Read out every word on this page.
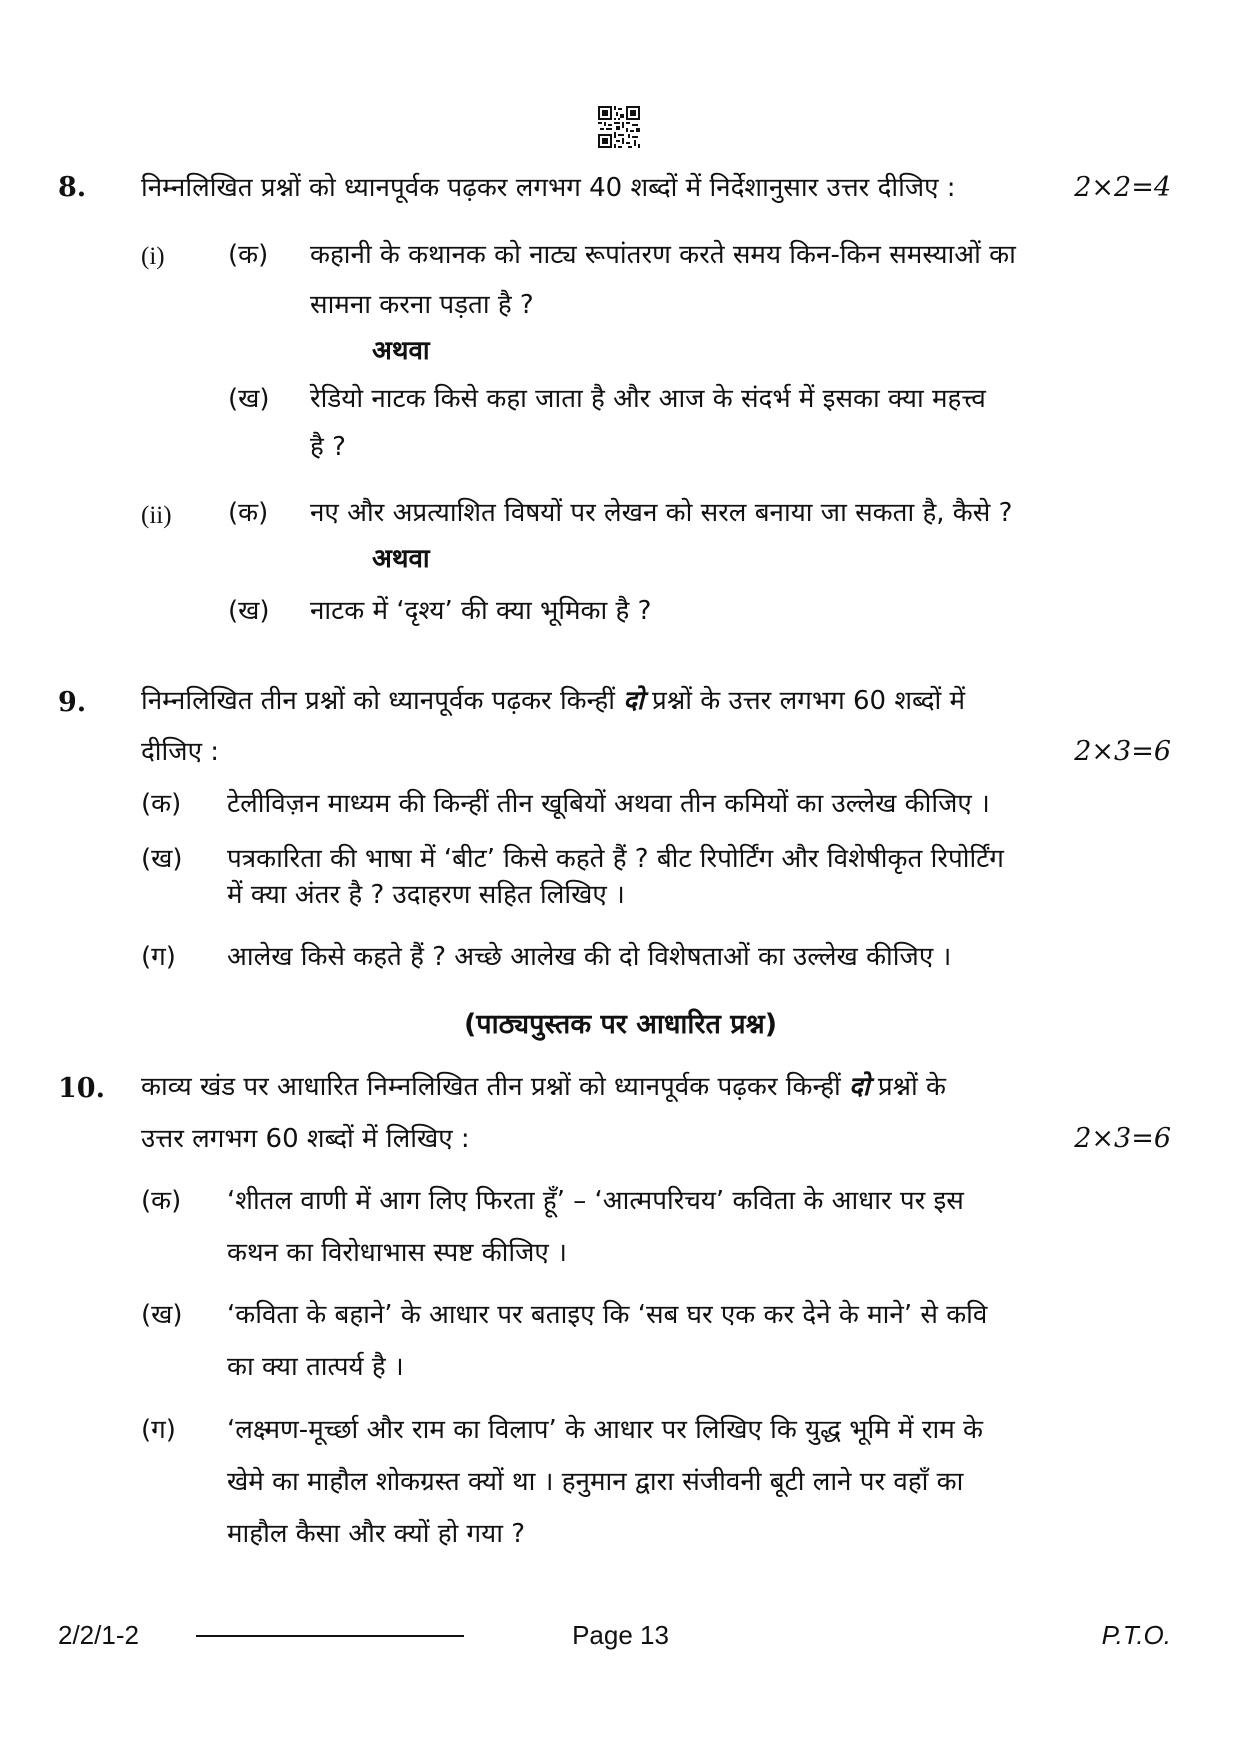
8. निम्नलिखित प्रश्नों को ध्यानपूर्वक पढ़कर लगभग 40 शब्दों में निर्देशानुसार उत्तर दीजिए :	2×2=4
(i) (क) कहानी के कथानक को नाट्य रूपांतरण करते समय किन-किन समस्याओं का
सामना करना पड़ता है ?
अथवा
(ख) रेडियो नाटक किसे कहा जाता है और आज के संदर्भ में इसका क्या महत्त्व
है ?
(ii) (क) नए और अप्रत्याशित विषयों पर लेखन को सरल बनाया जा सकता है, कैसे ?
अथवा
(ख) नाटक में ‘दृश्य’ की क्या भूमिका है ?
9. निम्नलिखित तीन प्रश्नों को ध्यानपूर्वक पढ़कर किन्हीं दो प्रश्नों के उत्तर लगभग 60 शब्दों में
दीजिए :	2×3=6
(क) टेलीविज़न माध्यम की किन्हीं तीन खूबियों अथवा तीन कमियों का उल्लेख कीजिए ।
(ख) पत्रकारिता की भाषा में ‘बीट’ किसे कहते हैं ? बीट रिपोर्टिंग और विशेषीकृत रिपोर्टिंग
में क्या अंतर है ? उदाहरण सहित लिखिए ।
(ग) आलेख किसे कहते हैं ? अच्छे आलेख की दो विशेषताओं का उल्लेख कीजिए ।
(पाठ्यपुस्तक पर आधारित प्रश्न)
10. काव्य खंड पर आधारित निम्नलिखित तीन प्रश्नों को ध्यानपूर्वक पढ़कर किन्हीं दो प्रश्नों के
उत्तर लगभग 60 शब्दों में लिखिए :	2×3=6
(क) ‘शीतल वाणी में आग लिए फिरता हूँ’ – ‘आत्मपरिचय’ कविता के आधार पर इस
कथन का विरोधाभास स्पष्ट कीजिए ।
(ख) ‘कविता के बहाने’ के आधार पर बताइए कि ‘सब घर एक कर देने के माने’ से कवि
का क्या तात्पर्य है ।
(ग) ‘लक्ष्मण-मूर्च्छा और राम का विलाप’ के आधार पर लिखिए कि युद्ध भूमि में राम के
खेमे का माहौल शोकग्रस्त क्यों था । हनुमान द्वारा संजीवनी बूटी लाने पर वहाँ का
माहौल कैसा और क्यों हो गया ?
2/2/1-2	Page 13	P.T.O.
